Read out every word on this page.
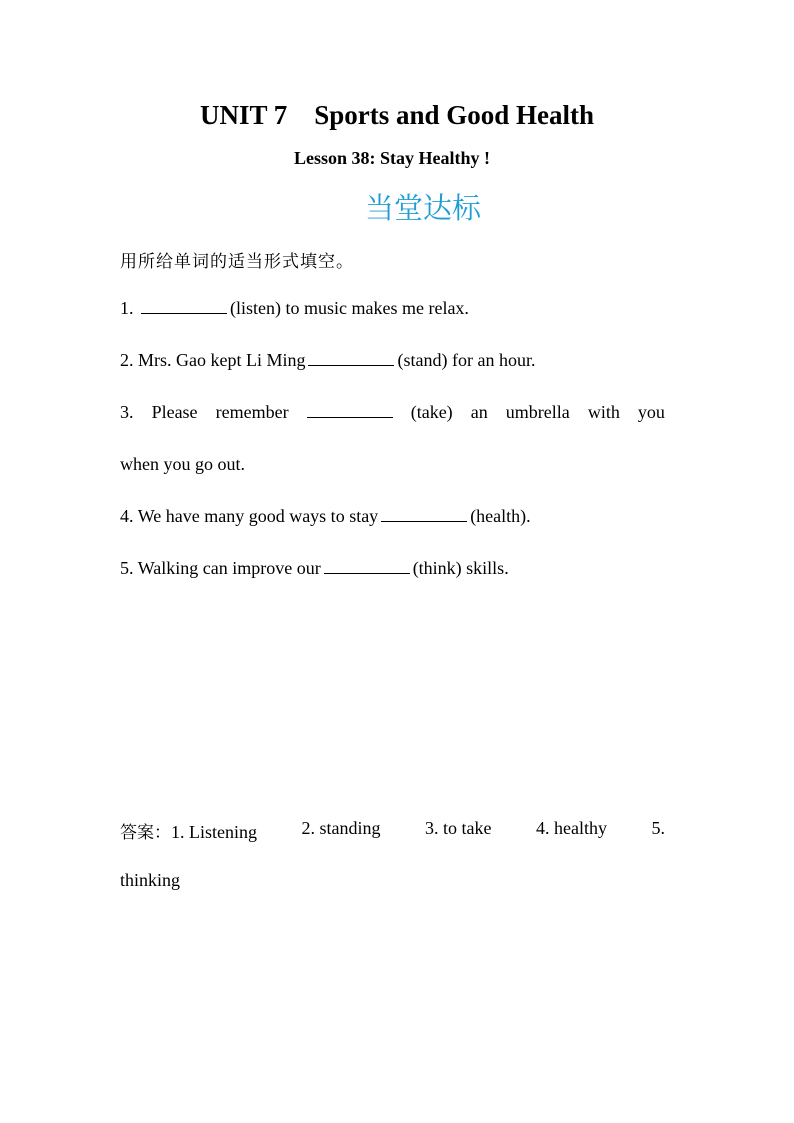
UNIT 7    Sports and Good Health
Lesson 38: Stay Healthy !
当堂达标
用所给单词的适当形式填空。
1.	(listen) to music makes me relax.
2. Mrs. Gao kept Li Ming	(stand) for an hour.
3. Please remember	(take) an umbrella with you
when you go out.
4. We have many good ways to stay	(health).
5. Walking can improve our	(think) skills.
答案：1. Listening 2. standing 3. to take 4. healthy 5.
thinking
